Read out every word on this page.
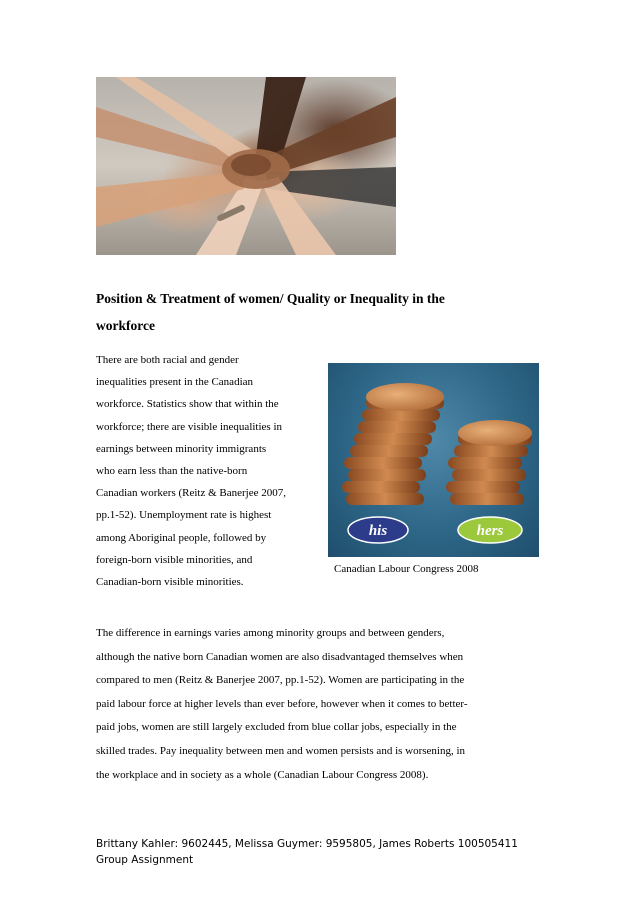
Position & Treatment of women/ Quality or Inequality in the
workforce
There are both racial and gender
inequalities present in the Canadian
workforce. Statistics show that within the
workforce; there are visible inequalities in
earnings between minority immigrants
who earn less than the native-born
Canadian workers (Reitz & Banerjee 2007,
pp.1-52). Unemployment rate is highest
among Aboriginal people, followed by
foreign-born visible minorities, and
Canadian-born visible minorities.
his	hers
Canadian Labour Congress 2008
The difference in earnings varies among minority groups and between genders,
although the native born Canadian women are also disadvantaged themselves when
compared to men (Reitz & Banerjee 2007, pp.1-52). Women are participating in the
paid labour force at higher levels than ever before, however when it comes to better-
paid jobs, women are still largely excluded from blue collar jobs, especially in the
skilled trades. Pay inequality between men and women persists and is worsening, in
the workplace and in society as a whole (Canadian Labour Congress 2008).
Brittany Kahler: 9602445, Melissa Guymer: 9595805, James Roberts 100505411
Group Assignment
